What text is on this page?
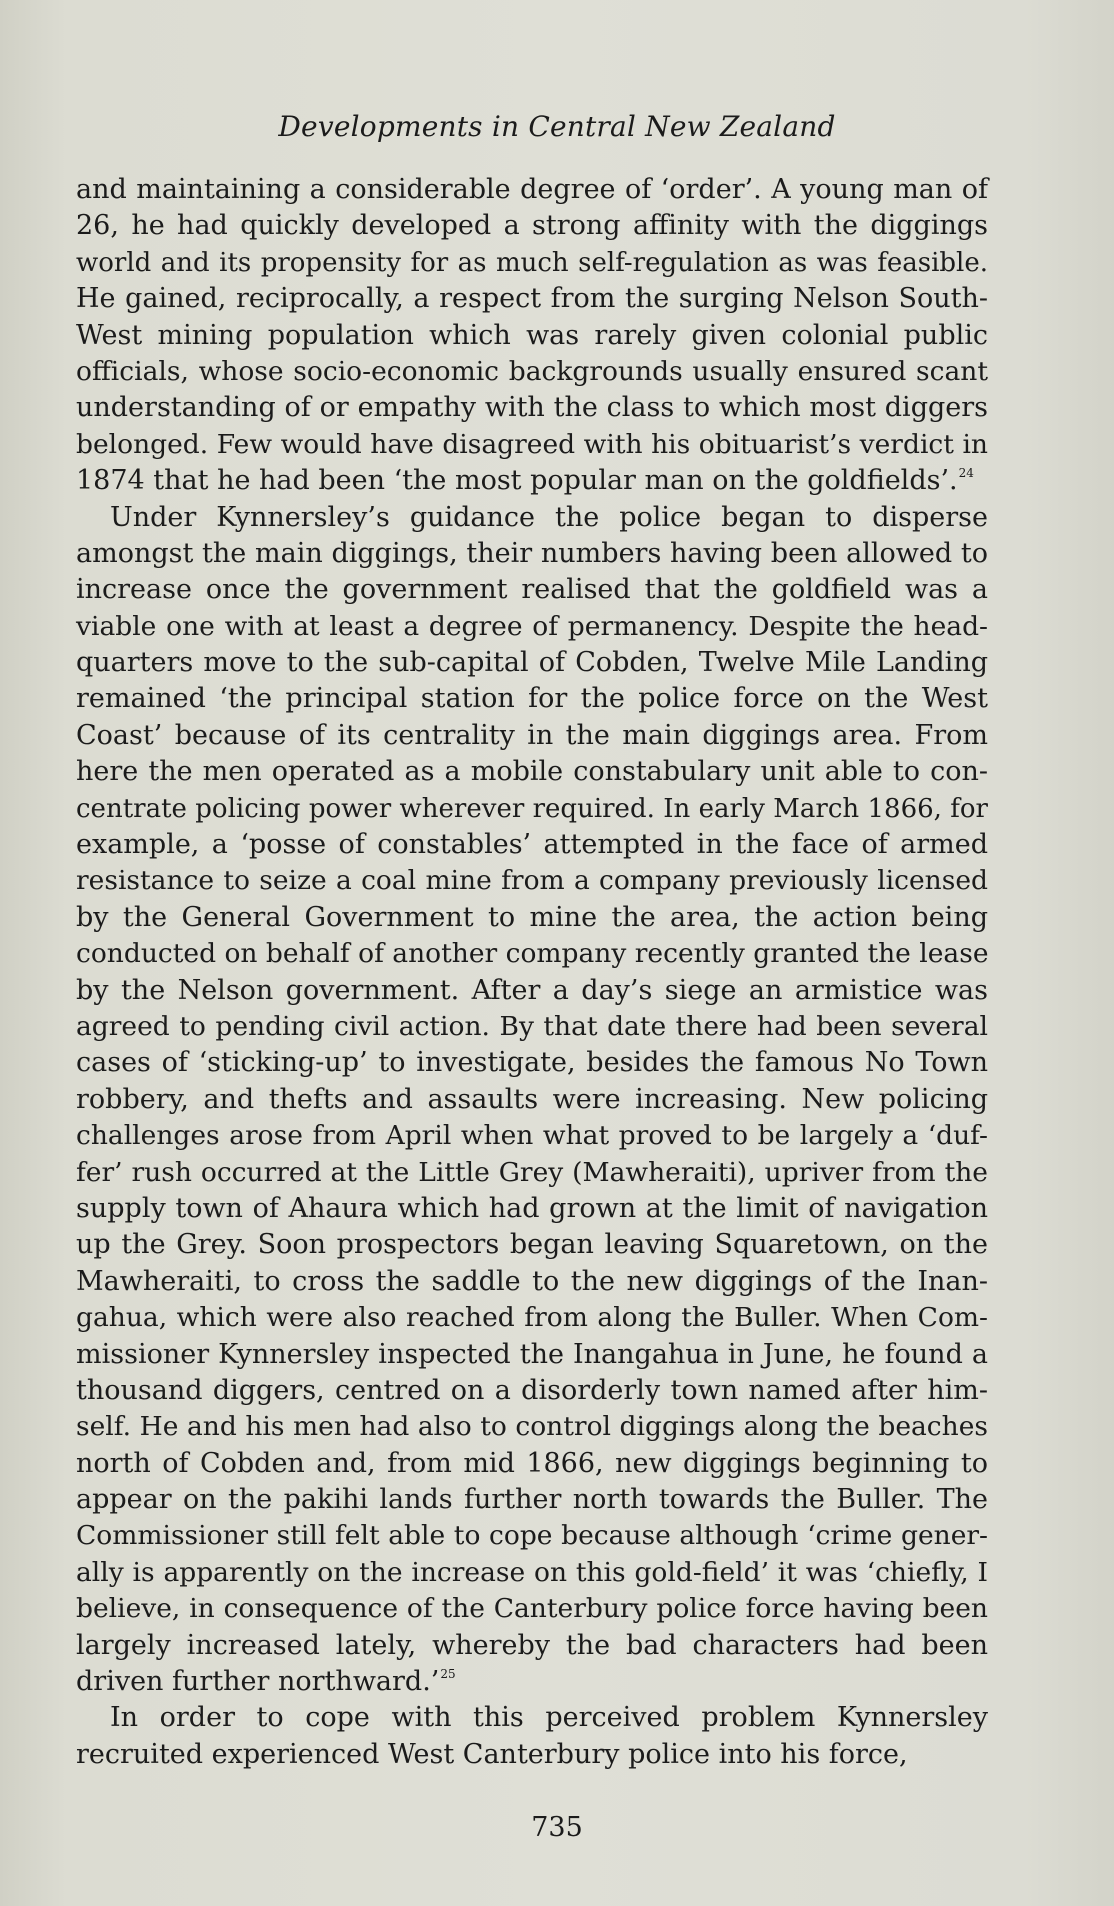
Developments in Central New Zealand
and maintaining a considerable degree of ‘order’. A young man of
26, he had quickly developed a strong affinity with the diggings
world and its propensity for as much self-regulation as was feasible.
He gained, reciprocally, a respect from the surging Nelson South-
West mining population which was rarely given colonial public
officials, whose socio-economic backgrounds usually ensured scant
understanding of or empathy with the class to which most diggers
belonged. Few would have disagreed with his obituarist’s verdict in
1874 that he had been ‘the most popular man on the goldfields’.$^{24}$
Under Kynnersley’s guidance the police began to disperse
amongst the main diggings, their numbers having been allowed to
increase once the government realised that the goldfield was a
viable one with at least a degree of permanency. Despite the head-
quarters move to the sub-capital of Cobden, Twelve Mile Landing
remained ‘the principal station for the police force on the West
Coast’ because of its centrality in the main diggings area. From
here the men operated as a mobile constabulary unit able to con-
centrate policing power wherever required. In early March 1866, for
example, a ‘posse of constables’ attempted in the face of armed
resistance to seize a coal mine from a company previously licensed
by the General Government to mine the area, the action being
conducted on behalf of another company recently granted the lease
by the Nelson government. After a day’s siege an armistice was
agreed to pending civil action. By that date there had been several
cases of ‘sticking-up’ to investigate, besides the famous No Town
robbery, and thefts and assaults were increasing. New policing
challenges arose from April when what proved to be largely a ‘duf-
fer’ rush occurred at the Little Grey (Mawheraiti), upriver from the
supply town of Ahaura which had grown at the limit of navigation
up the Grey. Soon prospectors began leaving Squaretown, on the
Mawheraiti, to cross the saddle to the new diggings of the Inan-
gahua, which were also reached from along the Buller. When Com-
missioner Kynnersley inspected the Inangahua in June, he found a
thousand diggers, centred on a disorderly town named after him-
self. He and his men had also to control diggings along the beaches
north of Cobden and, from mid 1866, new diggings beginning to
appear on the pakihi lands further north towards the Buller. The
Commissioner still felt able to cope because although ‘crime gener-
ally is apparently on the increase on this gold-field’ it was ‘chiefly, I
believe, in consequence of the Canterbury police force having been
largely increased lately, whereby the bad characters had been
driven further northward.’$^{25}$
In order to cope with this perceived problem Kynnersley
recruited experienced West Canterbury police into his force,
735
